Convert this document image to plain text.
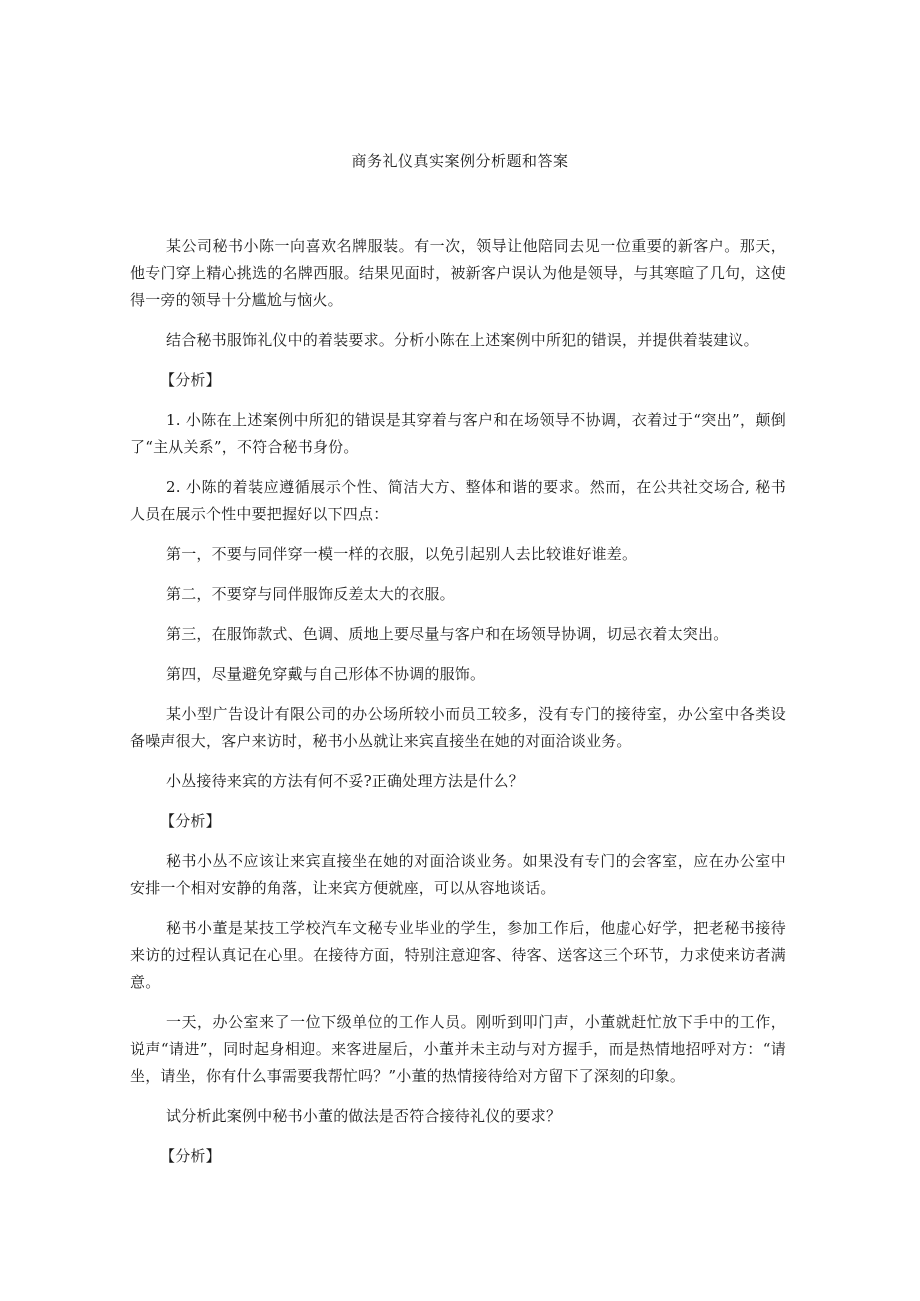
商务礼仪真实案例分析题和答案

某公司秘书小陈一向喜欢名牌服装。有一次，领导让他陪同去见一位重要的新客户。那天，他专门穿上精心挑选的名牌西服。结果见面时，被新客户误认为他是领导，与其寒暄了几句，这使得一旁的领导十分尴尬与恼火。

结合秘书服饰礼仪中的着装要求。分析小陈在上述案例中所犯的错误，并提供着装建议。

【分析】

1. 小陈在上述案例中所犯的错误是其穿着与客户和在场领导不协调，衣着过于“突出”，颠倒了“主从关系”，不符合秘书身份。

2. 小陈的着装应遵循展示个性、简洁大方、整体和谐的要求。然而，在公共社交场合, 秘书人员在展示个性中要把握好以下四点：

第一，不要与同伴穿一模一样的衣服，以免引起别人去比较谁好谁差。

第二，不要穿与同伴服饰反差太大的衣服。

第三，在服饰款式、色调、质地上要尽量与客户和在场领导协调，切忌衣着太突出。

第四，尽量避免穿戴与自己形体不协调的服饰。

某小型广告设计有限公司的办公场所较小而员工较多，没有专门的接待室，办公室中各类设备噪声很大，客户来访时，秘书小丛就让来宾直接坐在她的对面洽谈业务。

小丛接待来宾的方法有何不妥?正确处理方法是什么？

【分析】

秘书小丛不应该让来宾直接坐在她的对面洽谈业务。如果没有专门的会客室，应在办公室中安排一个相对安静的角落，让来宾方便就座，可以从容地谈话。

秘书小董是某技工学校汽车文秘专业毕业的学生，参加工作后，他虚心好学，把老秘书接待来访的过程认真记在心里。在接待方面，特别注意迎客、待客、送客这三个环节，力求使来访者满意。

一天，办公室来了一位下级单位的工作人员。刚听到叩门声，小董就赶忙放下手中的工作，说声“请进”，同时起身相迎。来客进屋后，小董并未主动与对方握手，而是热情地招呼对方：“请坐，请坐，你有什么事需要我帮忙吗？”小董的热情接待给对方留下了深刻的印象。

试分析此案例中秘书小董的做法是否符合接待礼仪的要求？

【分析】
